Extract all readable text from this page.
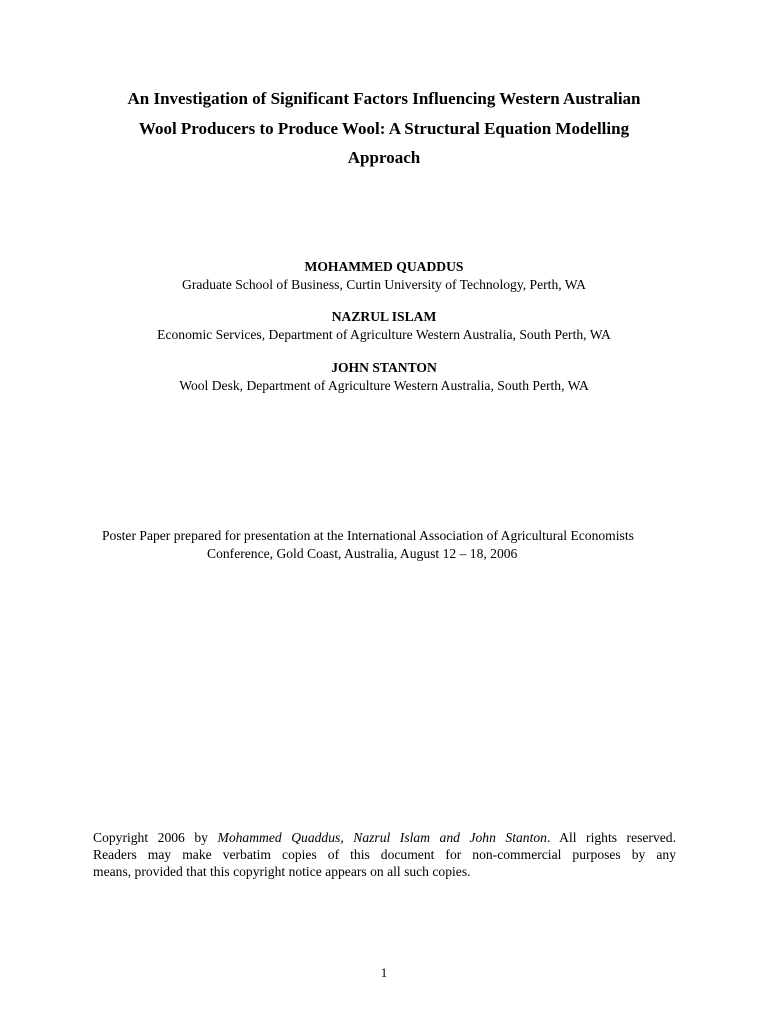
An Investigation of Significant Factors Influencing Western Australian
Wool Producers to Produce Wool: A Structural Equation Modelling
Approach
MOHAMMED QUADDUS
Graduate School of Business, Curtin University of Technology, Perth, WA
NAZRUL ISLAM
Economic Services, Department of Agriculture Western Australia, South Perth, WA
JOHN STANTON
Wool Desk, Department of Agriculture Western Australia, South Perth, WA
Poster Paper prepared for presentation at the International Association of Agricultural Economists
Conference, Gold Coast, Australia, August 12 – 18, 2006
Copyright 2006 by Mohammed Quaddus, Nazrul Islam and John Stanton. All rights reserved.
Readers may make verbatim copies of this document for non-commercial purposes by any
means, provided that this copyright notice appears on all such copies.
1
